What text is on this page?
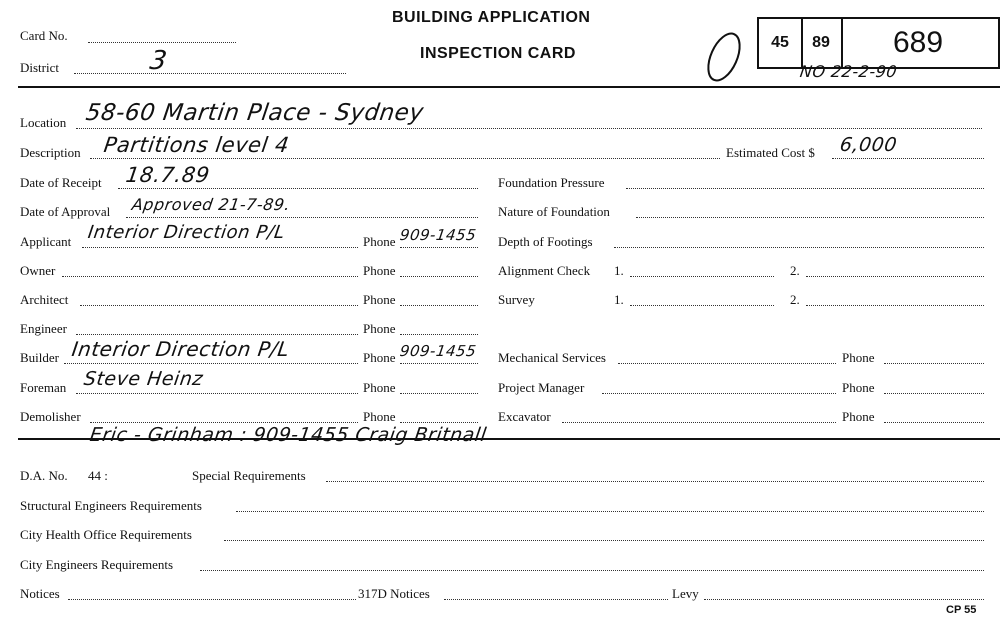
Card No.
District	3
BUILDING APPLICATION
INSPECTION CARD
45	89	689
NO 22-2-90
Location 58-60 Martin Place - Sydney
Description Partitions level 4	Estimated Cost $ 6,000
Date of Receipt 18.7.89
Date of Approval Approved 21-7-89.
Applicant Interior Direction P/L	Phone 909-1455
Owner	Phone
Architect	Phone
Engineer	Phone
Builder Interior Direction P/L	Phone 909-1455
Foreman Steve Heinz	Phone
Demolisher	Phone
Foundation Pressure
Nature of Foundation
Depth of Footings
Alignment Check 1.	2.
Survey	1.	2.
Mechanical Services	Phone
Project Manager	Phone
Excavator	Phone
Eric - Grinham : 909-1455 Craig Britnall
D.A. No. 44 :	Special Requirements
Structural Engineers Requirements
City Health Office Requirements
City Engineers Requirements
Notices	317D Notices	Levy
CP 55
